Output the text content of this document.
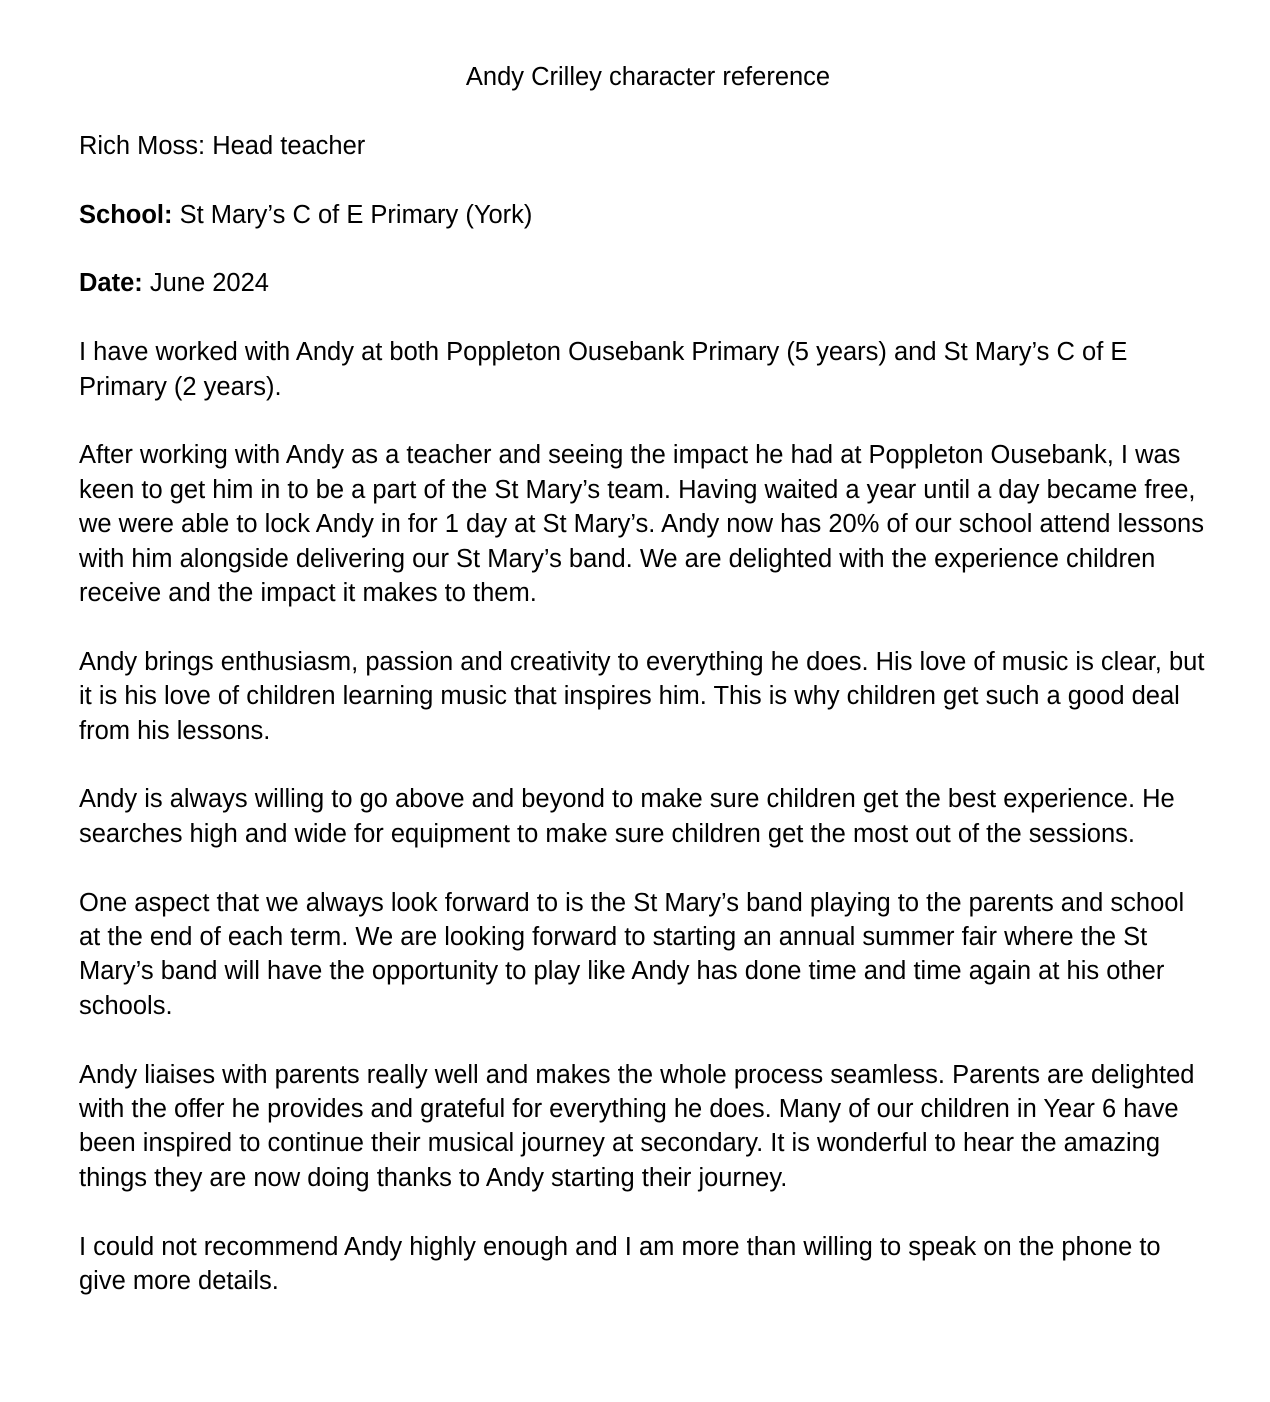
Andy Crilley character reference
Rich Moss: Head teacher
School: St Mary’s C of E Primary (York)
Date: June 2024

I have worked with Andy at both Poppleton Ousebank Primary (5 years) and St Mary’s C of E Primary (2 years).

After working with Andy as a teacher and seeing the impact he had at Poppleton Ousebank, I was keen to get him in to be a part of the St Mary’s team. Having waited a year until a day became free, we were able to lock Andy in for 1 day at St Mary’s. Andy now has 20% of our school attend lessons with him alongside delivering our St Mary’s band. We are delighted with the experience children receive and the impact it makes to them.

Andy brings enthusiasm, passion and creativity to everything he does. His love of music is clear, but it is his love of children learning music that inspires him. This is why children get such a good deal from his lessons.

Andy is always willing to go above and beyond to make sure children get the best experience. He searches high and wide for equipment to make sure children get the most out of the sessions.

One aspect that we always look forward to is the St Mary’s band playing to the parents and school at the end of each term. We are looking forward to starting an annual summer fair where the St Mary’s band will have the opportunity to play like Andy has done time and time again at his other schools.

Andy liaises with parents really well and makes the whole process seamless. Parents are delighted with the offer he provides and grateful for everything he does. Many of our children in Year 6 have been inspired to continue their musical journey at secondary. It is wonderful to hear the amazing things they are now doing thanks to Andy starting their journey.

I could not recommend Andy highly enough and I am more than willing to speak on the phone to give more details.
